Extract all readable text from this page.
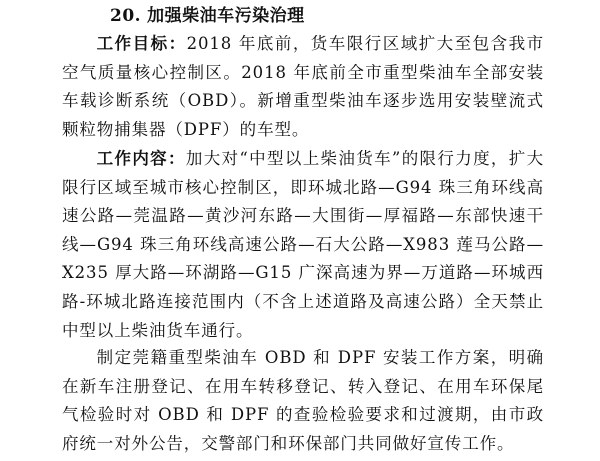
20. 加强柴油车污染治理

工作目标：2018 年底前，货车限行区域扩大至包含我市空气质量核心控制区。2018 年底前全市重型柴油车全部安装车载诊断系统（OBD）。新增重型柴油车逐步选用安装壁流式颗粒物捕集器（DPF）的车型。

工作内容：加大对“中型以上柴油货车”的限行力度，扩大限行区域至城市核心控制区，即环城北路—G94 珠三角环线高速公路—莞温路—黄沙河东路—大围街—厚福路—东部快速干线—G94 珠三角环线高速公路—石大公路—X983 莲马公路—X235 厚大路—环湖路—G15 广深高速为界—万道路—环城西路-环城北路连接范围内（不含上述道路及高速公路）全天禁止中型以上柴油货车通行。

制定莞籍重型柴油车 OBD 和 DPF 安装工作方案，明确在新车注册登记、在用车转移登记、转入登记、在用车环保尾气检验时对 OBD 和 DPF 的查验检验要求和过渡期，由市政府统一对外公告，交警部门和环保部门共同做好宣传工作。
